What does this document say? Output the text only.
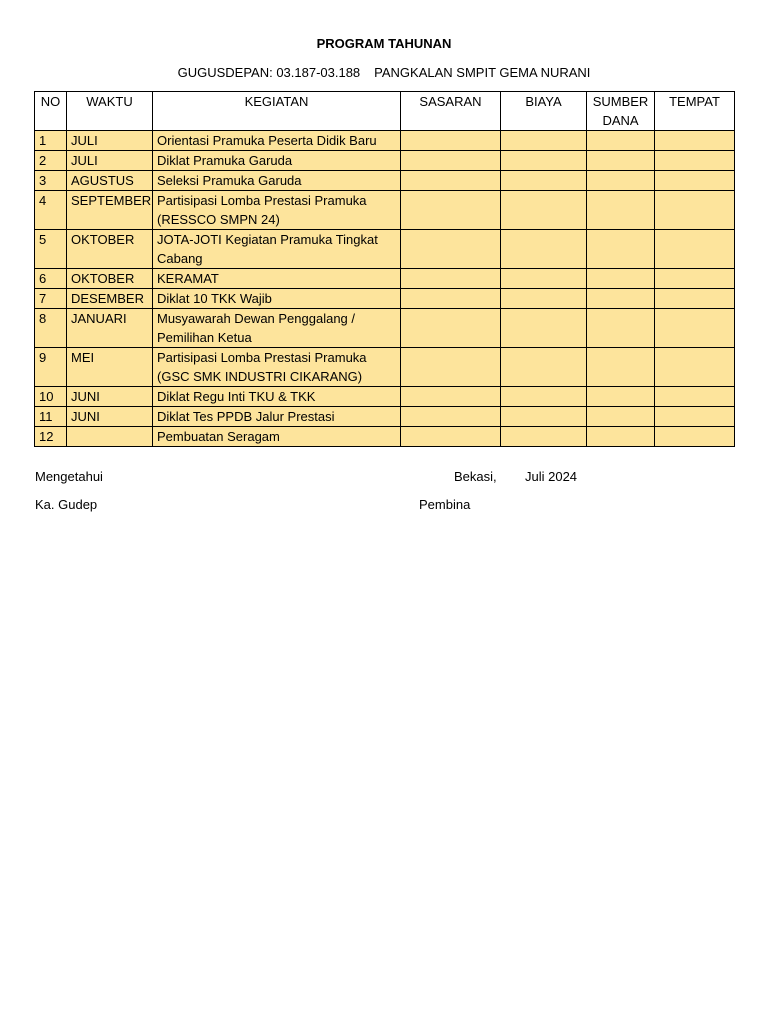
PROGRAM TAHUNAN
GUGUSDEPAN: 03.187-03.188 PANGKALAN SMPIT GEMA NURANI
NO	WAKTU	KEGIATAN	SASARAN	BIAYA	SUMBER DANA	TEMPAT
1	JULI	Orientasi Pramuka Peserta Didik Baru				
2	JULI	Diklat Pramuka Garuda				
3	AGUSTUS	Seleksi Pramuka Garuda				
4	SEPTEMBER	Partisipasi Lomba Prestasi Pramuka (RESSCO SMPN 24)				
5	OKTOBER	JOTA-JOTI Kegiatan Pramuka Tingkat Cabang				
6	OKTOBER	KERAMAT				
7	DESEMBER	Diklat 10 TKK Wajib				
8	JANUARI	Musyawarah Dewan Penggalang / Pemilihan Ketua				
9	MEI	Partisipasi Lomba Prestasi Pramuka (GSC SMK INDUSTRI CIKARANG)				
10	JUNI	Diklat Regu Inti TKU & TKK				
11	JUNI	Diklat Tes PPDB Jalur Prestasi				
12		Pembuatan Seragam				
Mengetahui	Bekasi, Juli 2024
Ka. Gudep	Pembina
